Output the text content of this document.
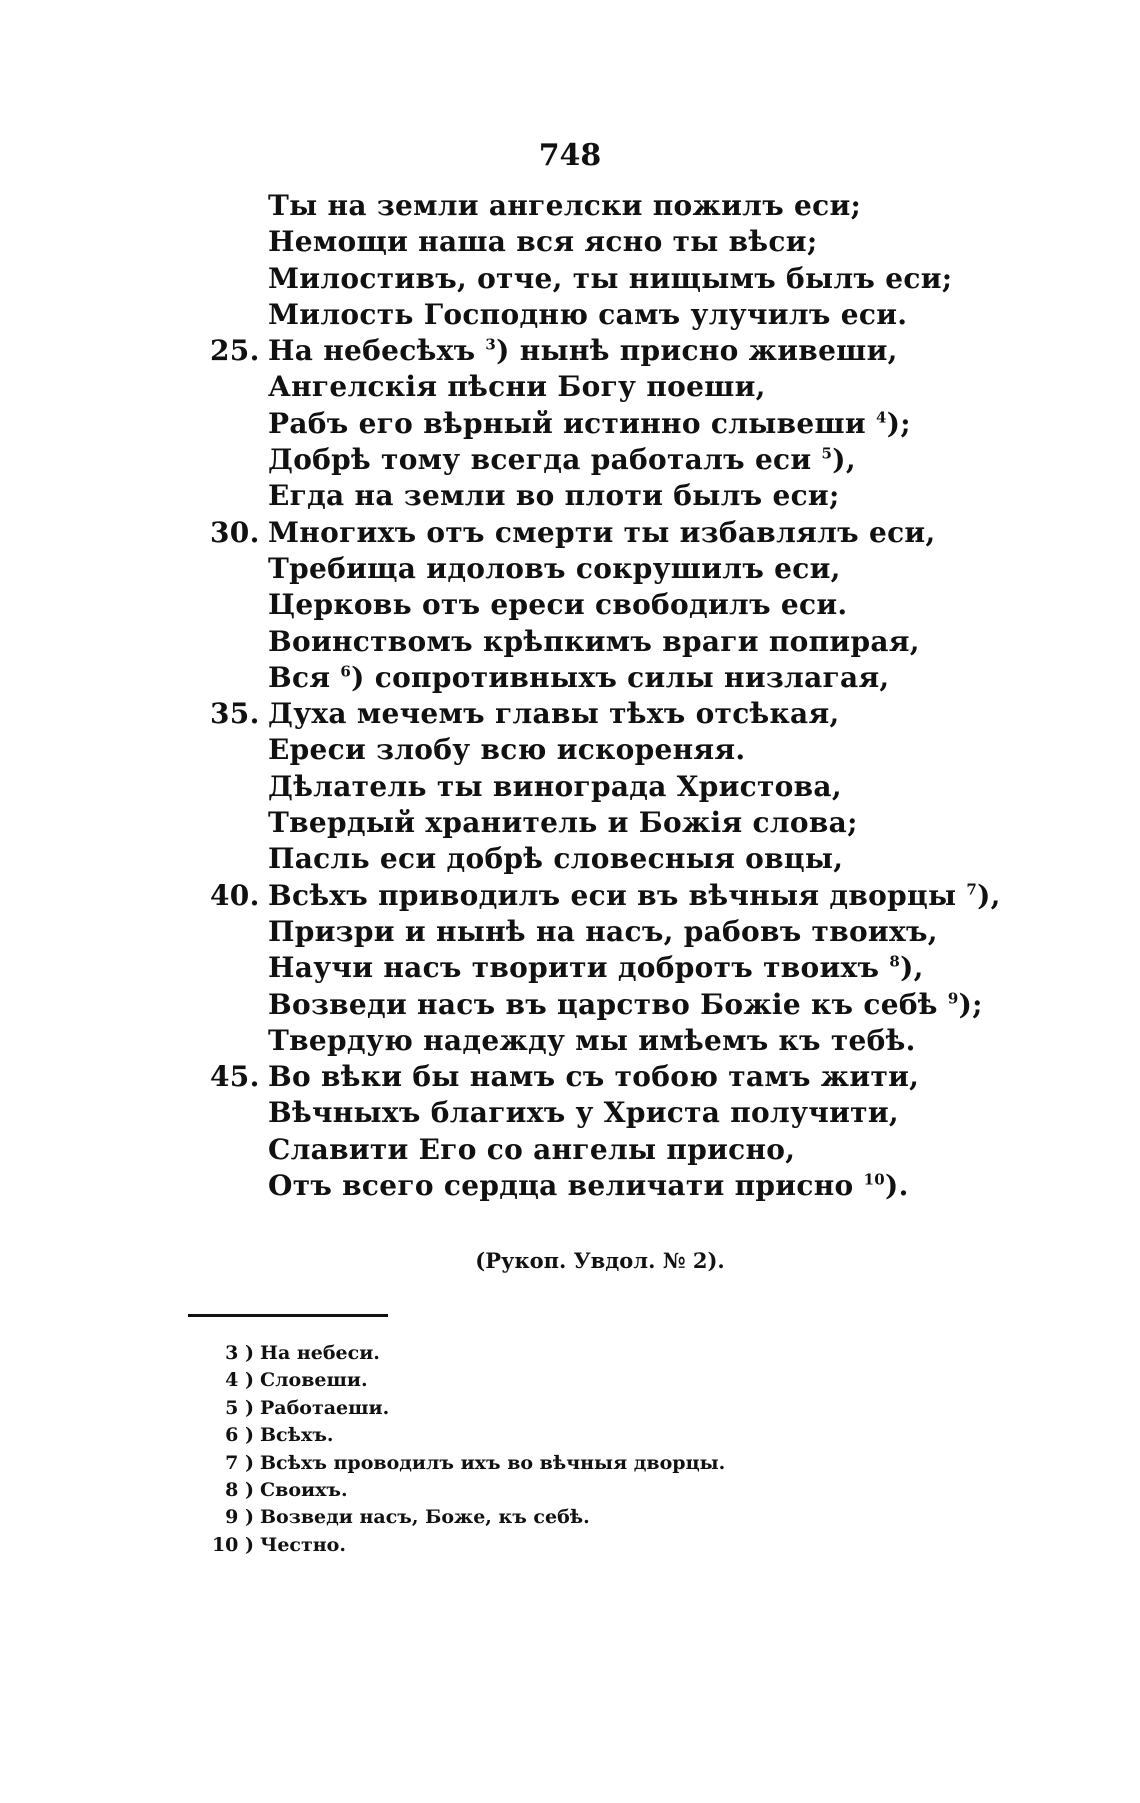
748
Ты на земли ангелски пожилъ еси;
Немощи наша вся ясно ты вѣси;
Милостивъ, отче, ты нищымъ былъ еси;
Милость Господню самъ улучилъ еси.
25. На небесѣхъ $^3$) нынѣ присно живеши,
Ангелскія пѣсни Богу поеши,
Рабъ его вѣрный истинно слывеши $^4$);
Добрѣ тому всегда работалъ еси $^5$),
Егда на земли во плоти былъ еси;
30. Многихъ отъ смерти ты избавлялъ еси,
Требища идоловъ сокрушилъ еси,
Церковь отъ ереси свободилъ еси.
Воинствомъ крѣпкимъ враги попирая,
Вся $^6$) сопротивныхъ силы низлагая,
35. Духа мечемъ главы тѣхъ отсѣкая,
Ереси злобу всю искореняя.
Дѣлатель ты винограда Христова,
Твердый хранитель и Божія слова;
Пасль еси добрѣ словесныя овцы,
40. Всѣхъ приводилъ еси въ вѣчныя дворцы $^7$),
Призри и нынѣ на насъ, рабовъ твоихъ,
Научи насъ творити добротъ твоихъ $^8$),
Возведи насъ въ царство Божіе къ себѣ $^9$);
Твердую надежду мы имѣемъ къ тебѣ.
45. Во вѣки бы намъ съ тобою тамъ жити,
Вѣчныхъ благихъ у Христа получити,
Славити Его со ангелы присно,
Отъ всего сердца величати присно $^{10}$).
(Рукоп. Увдол. № 2).
3 ) На небеси.
4 ) Словеши.
5 ) Работаеши.
6 ) Всѣхъ.
7 ) Всѣхъ проводилъ ихъ во вѣчныя дворцы.
8 ) Своихъ.
9 ) Возведи насъ, Боже, къ себѣ.
10 ) Честно.
